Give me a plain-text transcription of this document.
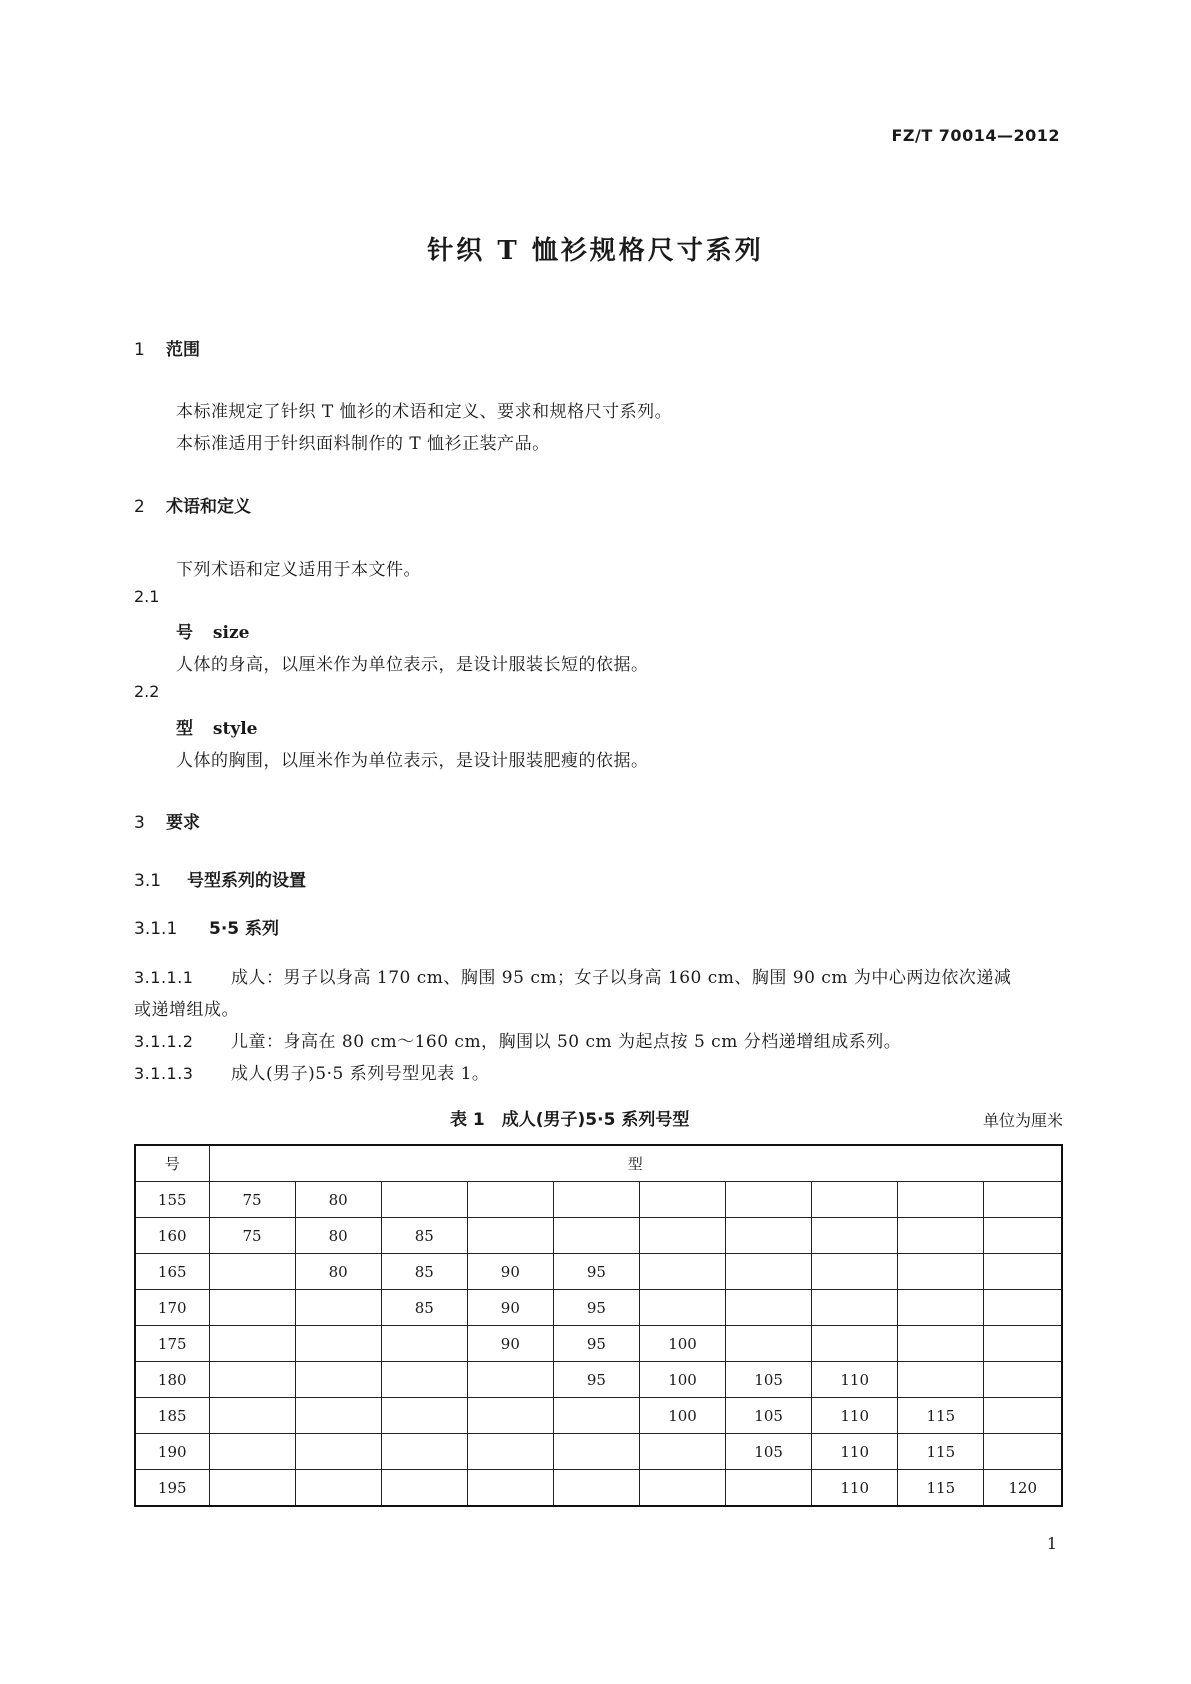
FZ/T 70014—2012
针织 T 恤衫规格尺寸系列
1 范围
本标准规定了针织 T 恤衫的术语和定义、要求和规格尺寸系列。
本标准适用于针织面料制作的 T 恤衫正装产品。
2 术语和定义
下列术语和定义适用于本文件。
2.1
号 size
人体的身高，以厘米作为单位表示，是设计服装长短的依据。
2.2
型 style
人体的胸围，以厘米作为单位表示，是设计服装肥瘦的依据。
3 要求
3.1 号型系列的设置
3.1.1 5·5 系列
3.1.1.1 成人：男子以身高 170 cm、胸围 95 cm；女子以身高 160 cm、胸围 90 cm 为中心两边依次递减
或递增组成。
3.1.1.2 儿童：身高在 80 cm～160 cm，胸围以 50 cm 为起点按 5 cm 分档递增组成系列。
3.1.1.3 成人(男子)5·5 系列号型见表 1。
表 1　成人(男子)5·5 系列号型	单位为厘米
号	型									
155	75	80								
160	75	80	85							
165		80	85	90	95					
170			85	90	95					
175				90	95	100				
180					95	100	105	110		
185						100	105	110	115	
190							105	110	115	
195								110	115	120
1
